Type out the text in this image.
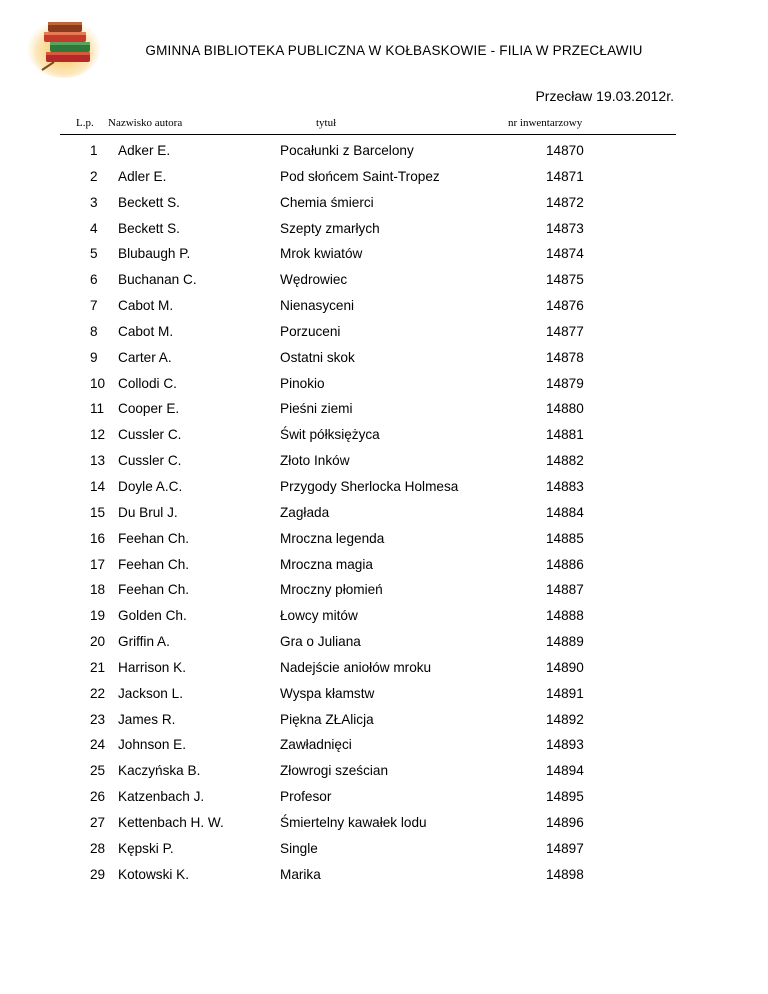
GMINNA BIBLIOTEKA PUBLICZNA W KOŁBASKOWIE - FILIA W PRZECŁAWIU
Przecław 19.03.2012r.
L.p. Nazwisko autora	tytuł	nr inwentarzowy
1 Adker E.	Pocałunki z Barcelony	14870
2 Adler E.	Pod słońcem Saint-Tropez	14871
3 Beckett S.	Chemia śmierci	14872
4 Beckett S.	Szepty zmarłych	14873
5 Blubaugh P.	Mrok kwiatów	14874
6 Buchanan C.	Wędrowiec	14875
7 Cabot M.	Nienasyceni	14876
8 Cabot M.	Porzuceni	14877
9 Carter A.	Ostatni skok	14878
10 Collodi C.	Pinokio	14879
11 Cooper E.	Pieśni ziemi	14880
12 Cussler C.	Świt półksiężyca	14881
13 Cussler C.	Złoto Inków	14882
14 Doyle A.C.	Przygody Sherlocka Holmesa	14883
15 Du Brul J.	Zagłada	14884
16 Feehan Ch.	Mroczna legenda	14885
17 Feehan Ch.	Mroczna magia	14886
18 Feehan Ch.	Mroczny płomień	14887
19 Golden Ch.	Łowcy mitów	14888
20 Griffin A.	Gra o Juliana	14889
21 Harrison K.	Nadejście aniołów mroku	14890
22 Jackson L.	Wyspa kłamstw	14891
23 James R.	Piękna ZŁAlicja	14892
24 Johnson E.	Zawładnięci	14893
25 Kaczyńska B.	Złowrogi sześcian	14894
26 Katzenbach J.	Profesor	14895
27 Kettenbach H. W.	Śmiertelny kawałek lodu	14896
28 Kępski P.	Single	14897
29 Kotowski K.	Marika	14898
